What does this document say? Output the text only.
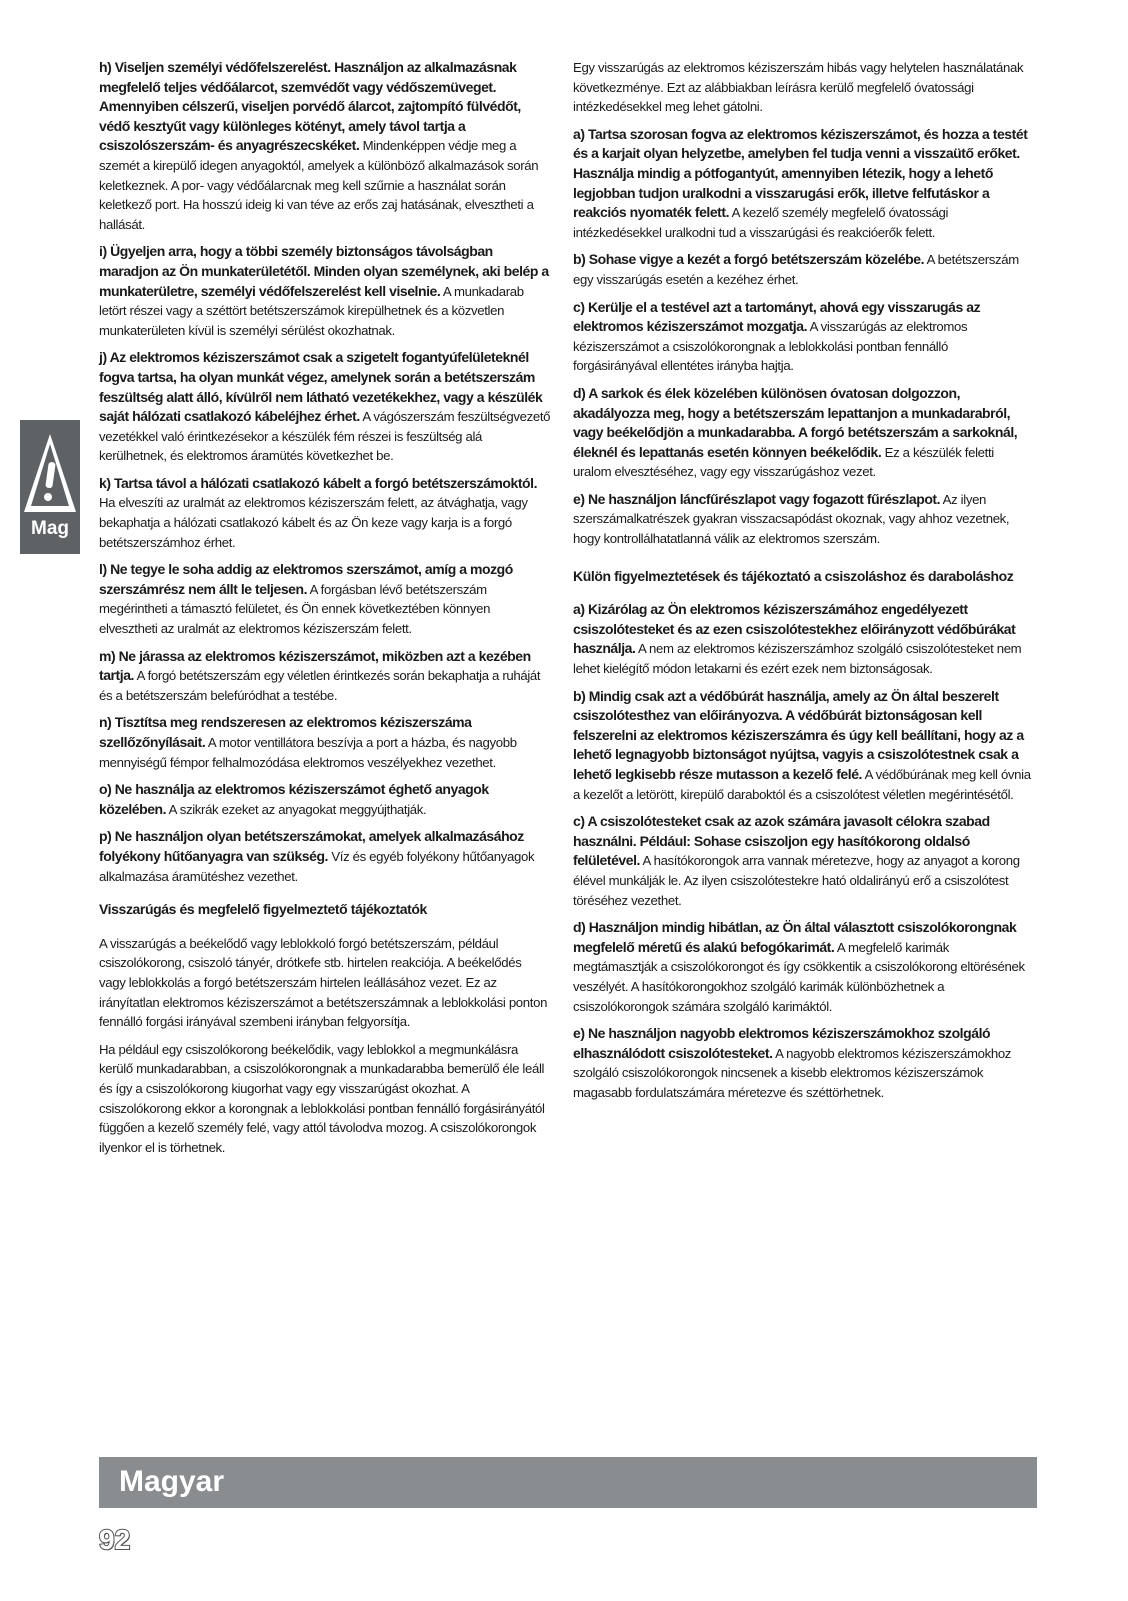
Mag

h) Viseljen személyi védőfelszerelést. Használjon az alkalmazásnak megfelelő teljes védőálarcot, szemvédőt vagy védőszemüveget. Amennyiben célszerű, viseljen porvédő álarcot, zajtompító fülvédőt, védő kesztyűt vagy különleges kötényt, amely távol tartja a csiszolószerszám- és anyagrészecskéket. Mindenképpen védje meg a szemét a kirepülő idegen anyagoktól, amelyek a különböző alkalmazások során keletkeznek. A por- vagy védőálarcnak meg kell szűrnie a használat során keletkező port. Ha hosszú ideig ki van téve az erős zaj hatásának, elvesztheti a hallását.

i) Ügyeljen arra, hogy a többi személy biztonságos távolságban maradjon az Ön munkaterületétől. Minden olyan személynek, aki belép a munkaterületre, személyi védőfelszerelést kell viselnie. A munkadarab letört részei vagy a széttört betétszerszámok kirepülhetnek és a közvetlen munkaterületen kívül is személyi sérülést okozhatnak.

j) Az elektromos kéziszerszámot csak a szigetelt fogantyúfelületeknél fogva tartsa, ha olyan munkát végez, amelynek során a betétszerszám feszültség alatt álló, kívülről nem látható vezetékekhez, vagy a készülék saját hálózati csatlakozó kábeléjhez érhet. A vágószerszám feszültségvezető vezetékkel való érintkezésekor a készülék fém részei is feszültség alá kerülhetnek, és elektromos áramütés következhet be.

k) Tartsa távol a hálózati csatlakozó kábelt a forgó betétszerszámoktól. Ha elveszíti az uralmát az elektromos kéziszerszám felett, az átvághatja, vagy bekaphatja a hálózati csatlakozó kábelt és az Ön keze vagy karja is a forgó betétszerszámhoz érhet.

l) Ne tegye le soha addig az elektromos szerszámot, amíg a mozgó szerszámrész nem állt le teljesen. A forgásban lévő betétszerszám megérintheti a támasztó felületet, és Ön ennek következtében könnyen elvesztheti az uralmát az elektromos kéziszerszám felett.

m) Ne járassa az elektromos kéziszerszámot, miközben azt a kezében tartja. A forgó betétszerszám egy véletlen érintkezés során bekaphatja a ruháját és a betétszerszám belefúródhat a testébe.

n) Tisztítsa meg rendszeresen az elektromos kéziszerszáma szellőzőnyílásait. A motor ventillátora beszívja a port a házba, és nagyobb mennyiségű fémpor felhalmozódása elektromos veszélyekhez vezethet.

o) Ne használja az elektromos kéziszerszámot éghető anyagok közelében. A szikrák ezeket az anyagokat meggyújthatják.

p) Ne használjon olyan betétszerszámokat, amelyek alkalmazásához folyékony hűtőanyagra van szükség. Víz és egyéb folyékony hűtőanyagok alkalmazása áramütéshez vezethet.

Visszarúgás és megfelelő figyelmeztető tájékoztatók

A visszarúgás a beékelődő vagy leblokkoló forgó betétszerszám, például csiszolókorong, csiszoló tányér, drótkefe stb. hirtelen reakciója. A beékelődés vagy leblokkolás a forgó betétszerszám hirtelen leállásához vezet. Ez az irányítatlan elektromos kéziszerszámot a betétszerszámnak a leblokkolási ponton fennálló forgási irányával szembeni irányban felgyorsítja.

Ha például egy csiszolókorong beékelődik, vagy leblokkol a megmunkálásra kerülő munkadarabban, a csiszolókorongnak a munkadarabba bemerülő éle leáll és így a csiszolókorong kiugorhat vagy egy visszarúgást okozhat. A csiszolókorong ekkor a korongnak a leblokkolási pontban fennálló forgásirányától függően a kezelő személy felé, vagy attól távolodva mozog. A csiszolókorongok ilyenkor el is törhetnek.

Egy visszarúgás az elektromos kéziszerszám hibás vagy helytelen használatának következménye. Ezt az alábbiakban leírásra kerülő megfelelő óvatossági intézkedésekkel meg lehet gátolni.

a) Tartsa szorosan fogva az elektromos kéziszerszámot, és hozza a testét és a karjait olyan helyzetbe, amelyben fel tudja venni a visszaütő erőket. Használja mindig a pótfogantyút, amennyiben létezik, hogy a lehető legjobban tudjon uralkodni a visszarugási erők, illetve felfutáskor a reakciós nyomaték felett. A kezelő személy megfelelő óvatossági intézkedésekkel uralkodni tud a visszarúgási és reakcióerők felett.

b) Sohase vigye a kezét a forgó betétszerszám közelébe. A betétszerszám egy visszarúgás esetén a kezéhez érhet.

c) Kerülje el a testével azt a tartományt, ahová egy visszarugás az elektromos kéziszerszámot mozgatja. A visszarúgás az elektromos kéziszerszámot a csiszolókorongnak a leblokkolási pontban fennálló forgásirányával ellentétes irányba hajtja.

d) A sarkok és élek közelében különösen óvatosan dolgozzon, akadályozza meg, hogy a betétszerszám lepattanjon a munkadarabról, vagy beékelődjön a munkadarabba. A forgó betétszerszám a sarkoknál, éleknél és lepattanás esetén könnyen beékelődik. Ez a készülék feletti uralom elvesztéséhez, vagy egy visszarúgáshoz vezet.

e) Ne használjon láncfűrészlapot vagy fogazott fűrészlapot. Az ilyen szerszámalkatrészek gyakran visszacsapódást okoznak, vagy ahhoz vezetnek, hogy kontrollálhatatlanná válik az elektromos szerszám.

Külön figyelmeztetések és tájékoztató a csiszoláshoz és daraboláshoz

a) Kizárólag az Ön elektromos kéziszerszámához engedélyezett csiszolótesteket és az ezen csiszolótestekhez előirányzott védőbúrákat használja. A nem az elektromos kéziszerszámhoz szolgáló csiszolótesteket nem lehet kielégítő módon letakarni és ezért ezek nem biztonságosak.

b) Mindig csak azt a védőbúrát használja, amely az Ön által beszerelt csiszolótesthez van előirányozva. A védőbúrát biztonságosan kell felszerelni az elektromos kéziszerszámra és úgy kell beállítani, hogy az a lehető legnagyobb biztonságot nyújtsa, vagyis a csiszolótestnek csak a lehető legkisebb része mutasson a kezelő felé. A védőbúrának meg kell óvnia a kezelőt a letörött, kirepülő daraboktól és a csiszolótest véletlen megérintésétől.

c) A csiszolótesteket csak az azok számára javasolt célokra szabad használni. Például: Sohase csiszoljon egy hasítókorong oldalsó felületével. A hasítókorongok arra vannak méretezve, hogy az anyagot a korong élével munkálják le. Az ilyen csiszolótestekre ható oldalirányú erő a csiszolótest töréséhez vezethet.

d) Használjon mindig hibátlan, az Ön által választott csiszolókorongnak megfelelő méretű és alakú befogókarimát. A megfelelő karimák megtámasztják a csiszolókorongot és így csökkentik a csiszolókorong eltörésének veszélyét. A hasítókorongokhoz szolgáló karimák különbözhetnek a csiszolókorongok számára szolgáló karimáktól.

e) Ne használjon nagyobb elektromos kéziszerszámokhoz szolgáló elhasználódott csiszolótesteket. A nagyobb elektromos kéziszerszámokhoz szolgáló csiszolókorongok nincsenek a kisebb elektromos kéziszerszámok magasabb fordulatszámára méretezve és széttörhetnek.

Magyar
92
